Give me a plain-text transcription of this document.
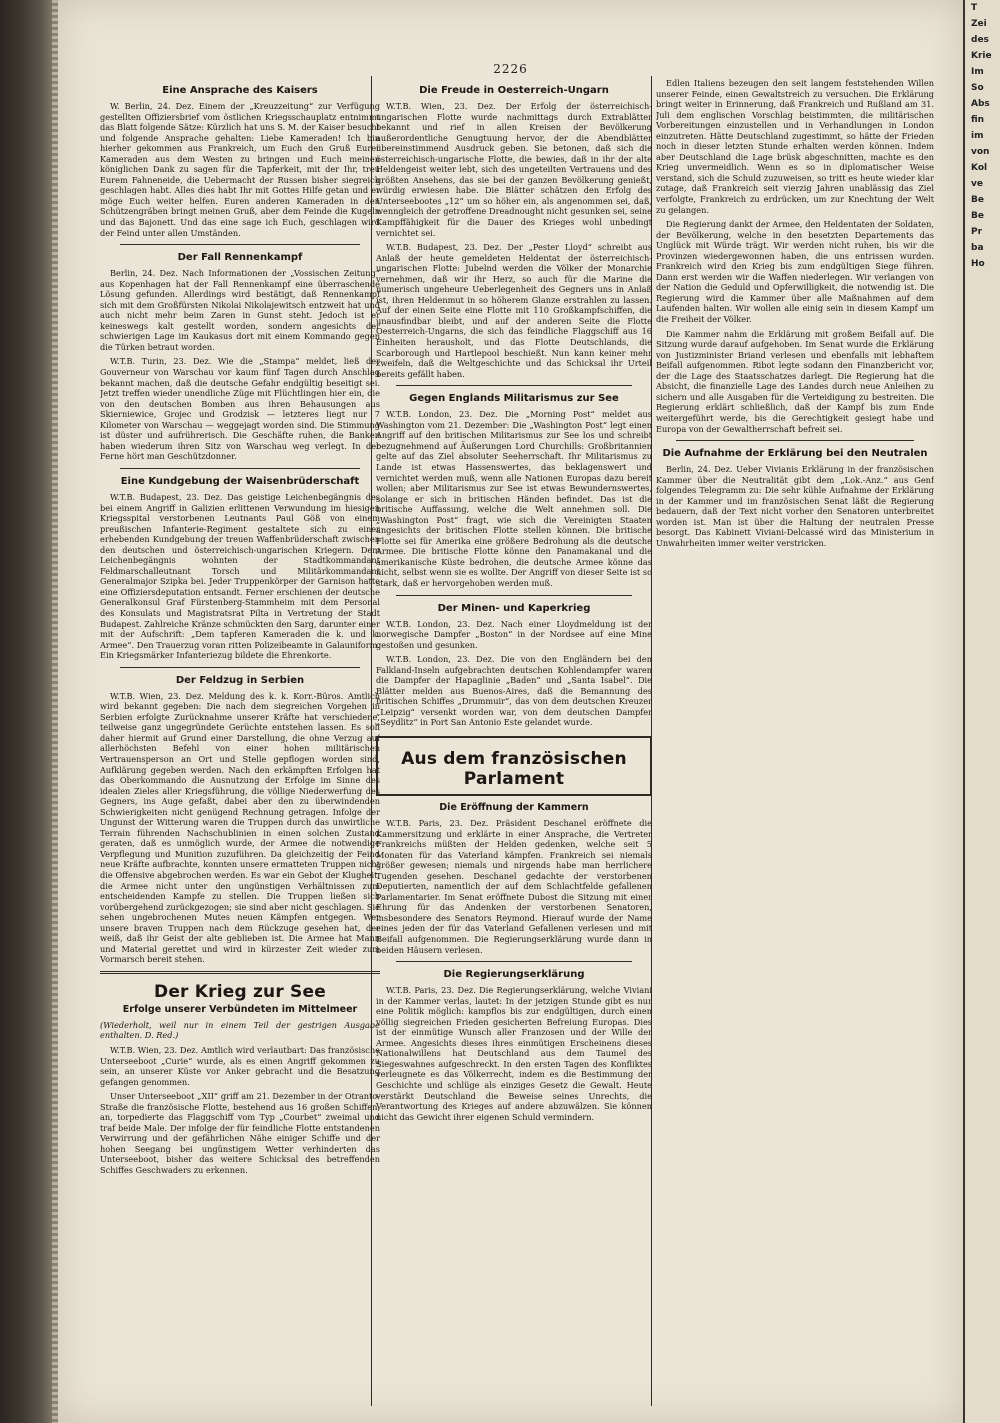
2226
Eine Ansprache des Kaisers

W. Berlin, 24. Dez. Einem der „Kreuzzeitung“ zur Verfügung gestellten Offiziersbrief vom östlichen Kriegsschauplatz entnimmt das Blatt folgende Sätze: Kürzlich hat uns S. M. der Kaiser besucht und folgende Ansprache gehalten: Liebe Kameraden! Ich bin hierher gekommen aus Frankreich, um Euch den Gruß Eurer Kameraden aus dem Westen zu bringen und Euch meinen königlichen Dank zu sagen für die Tapferkeit, mit der Ihr, treu Eurem Fahneneide, die Uebermacht der Russen bisher siegreich geschlagen habt. Alles dies habt Ihr mit Gottes Hilfe getan und er möge Euch weiter helfen. Euren anderen Kameraden in den Schützengräben bringt meinen Gruß, aber dem Feinde die Kugeln und das Bajonett. Und das eine sage ich Euch, geschlagen wird der Feind unter allen Umständen.

Der Fall Rennenkampf

Berlin, 24. Dez. Nach Informationen der „Vossischen Zeitung“ aus Kopenhagen hat der Fall Rennenkampf eine überraschende Lösung gefunden. Allerdings wird bestätigt, daß Rennenkampf sich mit dem Großfürsten Nikolai Nikolajewitsch entzweit hat und auch nicht mehr beim Zaren in Gunst steht. Jedoch ist er keineswegs kalt gestellt worden, sondern angesichts der schwierigen Lage im Kaukasus dort mit einem Kommando gegen die Türken betraut worden.

W.T.B. Turin, 23. Dez. Wie die „Stampa“ meldet, ließ der Gouverneur von Warschau vor kaum fünf Tagen durch Anschlag bekannt machen, daß die deutsche Gefahr endgültig beseitigt sei. Jetzt treffen wieder unendliche Züge mit Flüchtlingen hier ein, die von den deutschen Bomben aus ihren Behausungen aus Skierniewice, Grojec und Grodzisk — letzteres liegt nur 7 Kilometer von Warschau — weggejagt worden sind. Die Stimmung ist düster und aufrührerisch. Die Geschäfte ruhen, die Banken haben wiederum ihren Sitz von Warschau weg verlegt. In der Ferne hört man Geschützdonner.

Eine Kundgebung der Waisenbrüderschaft

W.T.B. Budapest, 23. Dez. Das geistige Leichenbegängnis des bei einem Angriff in Galizien erlittenen Verwundung im hiesigen Kriegsspital verstorbenen Leutnants Paul Göß von einem preußischen Infanterie-Regiment gestaltete sich zu einer erhebenden Kundgebung der treuen Waffenbrüderschaft zwischen den deutschen und österreichisch-ungarischen Kriegern. Dem Leichenbegängnis wohnten der Stadtkommandant Feldmarschalleutnant Torsch und Militärkommandant Generalmajor Szipka bei. Jeder Truppenkörper der Garnison hatte eine Offiziersdeputation entsandt. Ferner erschienen der deutsche Generalkonsul Graf Fürstenberg-Stammheim mit dem Personal des Konsulats und Magistratsrat Pilta in Vertretung der Stadt Budapest. Zahlreiche Kränze schmückten den Sarg, darunter einer mit der Aufschrift: „Dem tapferen Kameraden die k. und k. Armee“. Den Trauerzug voran ritten Polizeibeamte in Galauniform. Ein Kriegsmärker Infanteriezug bildete die Ehrenkorte.

Der Feldzug in Serbien

W.T.B. Wien, 23. Dez. Meldung des k. k. Korr.-Büros. Amtlich wird bekannt gegeben: Die nach dem siegreichen Vorgehen in Serbien erfolgte Zurücknahme unserer Kräfte hat verschiedene, teilweise ganz ungegründete Gerüchte entstehen lassen. Es soll daher hiermit auf Grund einer Darstellung, die ohne Verzug auf allerhöchsten Befehl von einer hohen militärischen Vertrauensperson an Ort und Stelle gepflogen worden sind, Aufklärung gegeben werden. Nach den erkämpften Erfolgen hat das Oberkommando die Ausnutzung der Erfolge im Sinne des idealen Zieles aller Kriegsführung, die völlige Niederwerfung des Gegners, ins Auge gefaßt, dabei aber den zu überwindenden Schwierigkeiten nicht genügend Rechnung getragen. Infolge der Ungunst der Witterung waren die Truppen durch das unwirtliche Terrain führenden Nachschublinien in einen solchen Zustand geraten, daß es unmöglich wurde, der Armee die notwendige Verpflegung und Munition zuzuführen. Da gleichzeitig der Feind neue Kräfte aufbrachte, konnten unsere ermatteten Truppen nicht die Offensive abgebrochen werden. Es war ein Gebot der Klugheit, die Armee nicht unter den ungünstigen Verhältnissen zum entscheidenden Kampfe zu stellen. Die Truppen ließen sich vorübergehend zurückgezogen; sie sind aber nicht geschlagen. Sie sehen ungebrochenen Mutes neuen Kämpfen entgegen. Wer unsere braven Truppen nach dem Rückzuge gesehen hat, der weiß, daß ihr Geist der alte geblieben ist. Die Armee hat Mann und Material gerettet und wird in kürzester Zeit wieder zum Vormarsch bereit stehen.

Der Krieg zur See
Erfolge unserer Verbündeten im Mittelmeer

(Wiederholt, weil nur in einem Teil der gestrigen Ausgabe enthalten. D. Red.)

W.T.B. Wien, 23. Dez. Amtlich wird verlautbart: Das französische Unterseeboot „Curie“ wurde, als es einen Angriff gekommen zu sein, an unserer Küste vor Anker gebracht und die Besatzung gefangen genommen.

Unser Unterseeboot „XII“ griff am 21. Dezember in der Otranto-Straße die französische Flotte, bestehend aus 16 großen Schiffen, an, torpedierte das Flaggschiff vom Typ „Courbet“ zweimal und traf beide Male. Der infolge der für feindliche Flotte entstandenen Verwirrung und der gefährlichen Nähe einiger Schiffe und der hohen Seegang bei ungünstigem Wetter verhinderten das Unterseeboot, bisher das weitere Schicksal des betreffenden Schiffes Geschwaders zu erkennen.

Die Freude in Oesterreich-Ungarn

W.T.B. Wien, 23. Dez. Der Erfolg der österreichisch-ungarischen Flotte wurde nachmittags durch Extrablätter bekannt und rief in allen Kreisen der Bevölkerung außerordentliche Genugtuung hervor, der die Abendblätter übereinstimmend Ausdruck geben. Sie betonen, daß sich die österreichisch-ungarische Flotte, die bewies, daß in ihr der alte Heldengeist weiter lebt, sich des ungeteilten Vertrauens und des größten Ansehens, das sie bei der ganzen Bevölkerung genießt, würdig erwiesen habe. Die Blätter schätzen den Erfolg des Unterseebootes „12“ um so höher ein, als angenommen sei, daß, wenngleich der getroffene Dreadnought nicht gesunken sei, seine Kampffähigkeit für die Dauer des Krieges wohl unbedingt vernichtet sei.

W.T.B. Budapest, 23. Dez. Der „Pester Lloyd“ schreibt aus Anlaß der heute gemeldeten Heldentat der österreichisch-ungarischen Flotte: Jubelnd werden die Völker der Monarchie vernehmen, daß wir ihr Herz, so auch für die Marine die numerisch ungeheure Ueberlegenheit des Gegners uns in Anlaß ist, ihren Heldenmut in so höherem Glanze erstrahlen zu lassen. Auf der einen Seite eine Flotte mit 110 Großkampfschiffen, die unausfindbar bleibt, und auf der anderen Seite die Flotte Oesterreich-Ungarns, die sich das feindliche Flaggschiff aus 16 Einheiten herausholt, und das Flotte Deutschlands, die Scarborough und Hartlepool beschießt. Nun kann keiner mehr zweifeln, daß die Weltgeschichte und das Schicksal ihr Urteil bereits gefällt haben.

Gegen Englands Militarismus zur See

W.T.B. London, 23. Dez. Die „Morning Post“ meldet aus Washington vom 21. Dezember: Die „Washington Post“ legt einen Angriff auf den britischen Militarismus zur See los und schreibt bezugnehmend auf Äußerungen Lord Churchills: Großbritannien gelte auf das Ziel absoluter Seeherrschaft. Ihr Militarismus zu Lande ist etwas Hassenswertes, das beklagenswert und vernichtet werden muß, wenn alle Nationen Europas dazu bereit wollen; aber Militarismus zur See ist etwas Bewundernswertes, solange er sich in britischen Händen befindet. Das ist die britische Auffassung, welche die Welt annehmen soll. Die „Washington Post“ fragt, wie sich die Vereinigten Staaten angesichts der britischen Flotte stellen können. Die britische Flotte sei für Amerika eine größere Bedrohung als die deutsche Armee. Die britische Flotte könne den Panamakanal und die amerikanische Küste bedrohen, die deutsche Armee könne das nicht, selbst wenn sie es wollte. Der Angriff von dieser Seite ist so stark, daß er hervorgehoben werden muß.

Der Minen- und Kaperkrieg

W.T.B. London, 23. Dez. Nach einer Lloydmeldung ist der norwegische Dampfer „Boston“ in der Nordsee auf eine Mine gestoßen und gesunken.

W.T.B. London, 23. Dez. Die von den Engländern bei den Falkland-Inseln aufgebrachten deutschen Kohlendampfer waren die Dampfer der Hapaglinie „Baden“ und „Santa Isabel“. Die Blätter melden aus Buenos-Aires, daß die Bemannung des britischen Schiffes „Drummuir“, das von dem deutschen Kreuzer „Leipzig“ versenkt worden war, von dem deutschen Dampfer „Seydlitz“ in Port San Antonio Este gelandet wurde.

Aus dem französischen Parlament
Die Eröffnung der Kammern

W.T.B. Paris, 23. Dez. Präsident Deschanel eröffnete die Kammersitzung und erklärte in einer Ansprache, die Vertreter Frankreichs müßten der Helden gedenken, welche seit 5 Monaten für das Vaterland kämpfen. Frankreich sei niemals größer gewesen; niemals und nirgends habe man herrlichere Tugenden gesehen. Deschanel gedachte der verstorbenen Deputierten, namentlich der auf dem Schlachtfelde gefallenen Parlamentarier. Im Senat eröffnete Dubost die Sitzung mit einer Ehrung für das Andenken der verstorbenen Senatoren, insbesondere des Senators Reymond. Hierauf wurde der Name eines jeden der für das Vaterland Gefallenen verlesen und mit Beifall aufgenommen. Die Regierungserklärung wurde dann in beiden Häusern verlesen.

Die Regierungserklärung

W.T.B. Paris, 23. Dez. Die Regierungserklärung, welche Viviani in der Kammer verlas, lautet: In der jetzigen Stunde gibt es nur eine Politik möglich: kampflos bis zur endgültigen, durch einen völlig siegreichen Frieden gesicherten Befreiung Europas. Dies ist der einmütige Wunsch aller Franzosen und der Wille der Armee. Angesichts dieses ihres einmütigen Erscheinens dieses Nationalwillens hat Deutschland aus dem Taumel des Siegeswahnes aufgeschreckt. In den ersten Tagen des Konfliktes verleugnete es das Völkerrecht, indem es die Bestimmung der Geschichte und schlüge als einziges Gesetz die Gewalt. Heute verstärkt Deutschland die Beweise seines Unrechts, die Verantwortung des Krieges auf andere abzuwälzen. Sie können nicht das Gewicht ihrer eigenen Schuld vermindern.

Edlen Italiens bezeugen den seit langem feststehenden Willen unserer Feinde, einen Gewaltstreich zu versuchen. Die Erklärung bringt weiter in Erinnerung, daß Frankreich und Rußland am 31. Juli dem englischen Vorschlag beistimmten, die militärischen Vorbereitungen einzustellen und in Verhandlungen in London einzutreten. Hätte Deutschland zugestimmt, so hätte der Frieden noch in dieser letzten Stunde erhalten werden können. Indem aber Deutschland die Lage brüsk abgeschnitten, machte es den Krieg unvermeidlich. Wenn es so in diplomatischer Weise verstand, sich die Schuld zuzuweisen, so tritt es heute wieder klar zutage, daß Frankreich seit vierzig Jahren unablässig das Ziel verfolgte, Frankreich zu erdrücken, um zur Knechtung der Welt zu gelangen.

Die Regierung dankt der Armee, den Heldentaten der Soldaten, der Bevölkerung, welche in den besetzten Departements das Unglück mit Würde trägt. Wir werden nicht ruhen, bis wir die Provinzen wiedergewonnen haben, die uns entrissen wurden. Frankreich wird den Krieg bis zum endgültigen Siege führen. Dann erst werden wir die Waffen niederlegen. Wir verlangen von der Nation die Geduld und Opferwilligkeit, die notwendig ist. Die Regierung wird die Kammer über alle Maßnahmen auf dem Laufenden halten. Wir wollen alle einig sein in diesem Kampf um die Freiheit der Völker.

Die Kammer nahm die Erklärung mit großem Beifall auf. Die Sitzung wurde darauf aufgehoben. Im Senat wurde die Erklärung von Justizminister Briand verlesen und ebenfalls mit lebhaftem Beifall aufgenommen. Ribot legte sodann den Finanzbericht vor, der die Lage des Staatsschatzes darlegt. Die Regierung hat die Absicht, die finanzielle Lage des Landes durch neue Anleihen zu sichern und alle Ausgaben für die Verteidigung zu bestreiten. Die Regierung erklärt schließlich, daß der Kampf bis zum Ende weitergeführt werde, bis die Gerechtigkeit gesiegt habe und Europa von der Gewaltherrschaft befreit sei.

Die Aufnahme der Erklärung bei den Neutralen

Berlin, 24. Dez. Ueber Vivianis Erklärung in der französischen Kammer über die Neutralität gibt dem „Lok.-Anz.“ aus Genf folgendes Telegramm zu: Die sehr kühle Aufnahme der Erklärung in der Kammer und im französischen Senat läßt die Regierung bedauern, daß der Text nicht vorher den Senatoren unterbreitet worden ist. Man ist über die Haltung der neutralen Presse besorgt. Das Kabinett Viviani-Delcassé wird das Ministerium in Unwahrheiten immer weiter verstricken.

T
Zei
des
Krie
Im
So
Abs
fin
im
von
Kol
ve
Be
Be
Pr
ba
Ho
